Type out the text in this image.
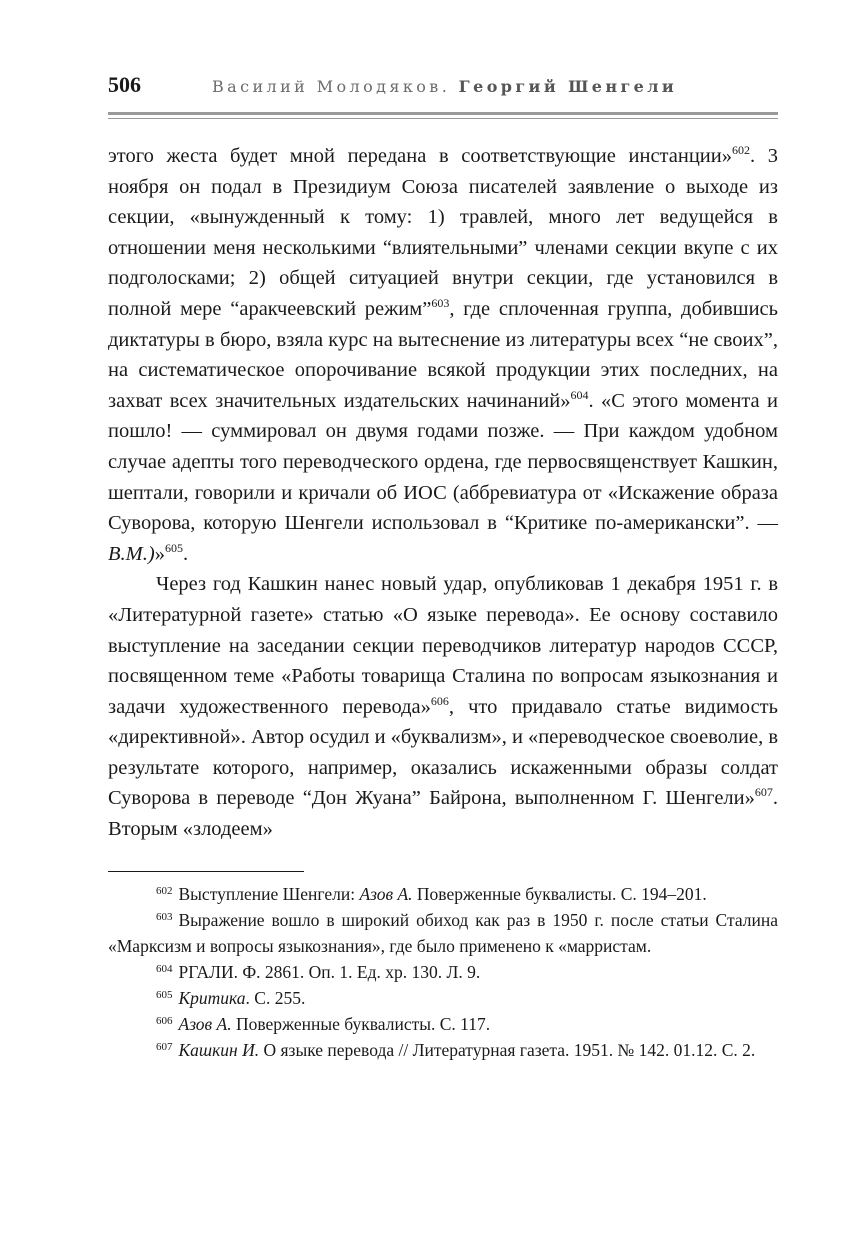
506	Василий Молодяков. Георгий Шенгели

этого жеста будет мной передана в соответствующие инстанции»$^{602}$. 3 ноября он подал в Президиум Союза писателей заявление о выходе из секции, «вынужденный к тому: 1) травлей, много лет ведущейся в отношении меня несколькими “влиятельными” членами секции вкупе с их подголосками; 2) общей ситуацией внутри секции, где установился в полной мере “аракчеевский режим”$^{603}$, где сплоченная группа, добившись диктатуры в бюро, взяла курс на вытеснение из литературы всех “не своих”, на систематическое опорочивание всякой продукции этих последних, на захват всех значительных издательских начинаний»$^{604}$. «С этого момента и пошло! — суммировал он двумя годами позже. — При каждом удобном случае адепты того переводческого ордена, где первосвященствует Кашкин, шептали, говорили и кричали об ИОС (аббревиатура от «Искажение образа Суворова, которую Шенгели использовал в “Критике по-американски”. — В.М.)»$^{605}$.

Через год Кашкин нанес новый удар, опубликовав 1 декабря 1951 г. в «Литературной газете» статью «О языке перевода». Ее основу составило выступление на заседании секции переводчиков литератур народов СССР, посвященном теме «Работы товарища Сталина по вопросам языкознания и задачи художественного перевода»$^{606}$, что придавало статье видимость «директивной». Автор осудил и «буквализм», и «переводческое своеволие, в результате которого, например, оказались искаженными образы солдат Суворова в переводе “Дон Жуана” Байрона, выполненном Г. Шенгели»$^{607}$. Вторым «злодеем»

$^{602}$ Выступление Шенгели: Азов А. Поверженные буквалисты. С. 194–201.

$^{603}$ Выражение вошло в широкий обиход как раз в 1950 г. после статьи Сталина «Марксизм и вопросы языкознания», где было применено к «марристам.

$^{604}$ РГАЛИ. Ф. 2861. Оп. 1. Ед. хр. 130. Л. 9.

$^{605}$ Критика. С. 255.

$^{606}$ Азов А. Поверженные буквалисты. С. 117.

$^{607}$ Кашкин И. О языке перевода // Литературная газета. 1951. № 142. 01.12. С. 2.
